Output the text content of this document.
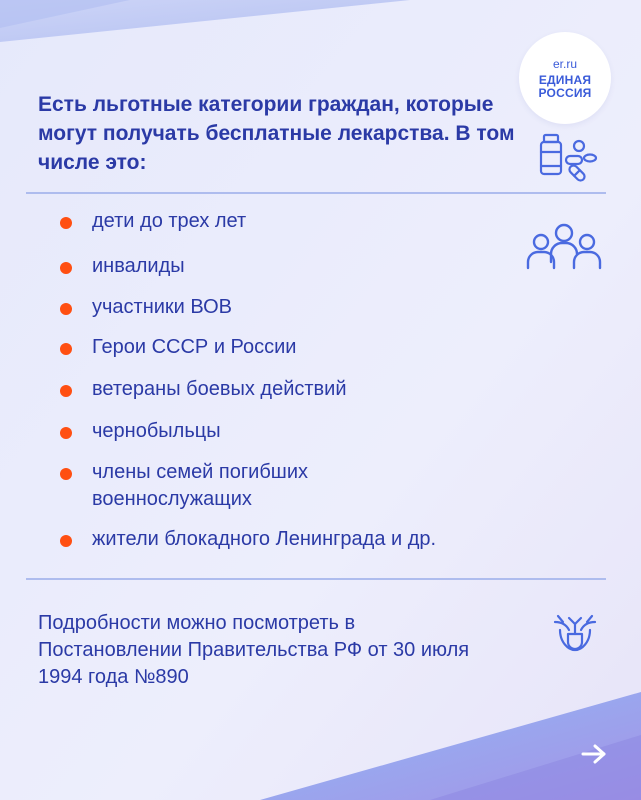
er.ru
ЕДИНАЯ
РОССИЯ
Есть льготные категории граждан, которые могут получать бесплатные лекарства. В том числе это:
дети до трех лет
инвалиды
участники ВОВ
Герои СССР и России
ветераны боевых действий
чернобыльцы
члены семей погибших военнослужащих
жители блокадного Ленинграда и др.
Подробности можно посмотреть в Постановлении Правительства РФ от 30 июля 1994 года №890
